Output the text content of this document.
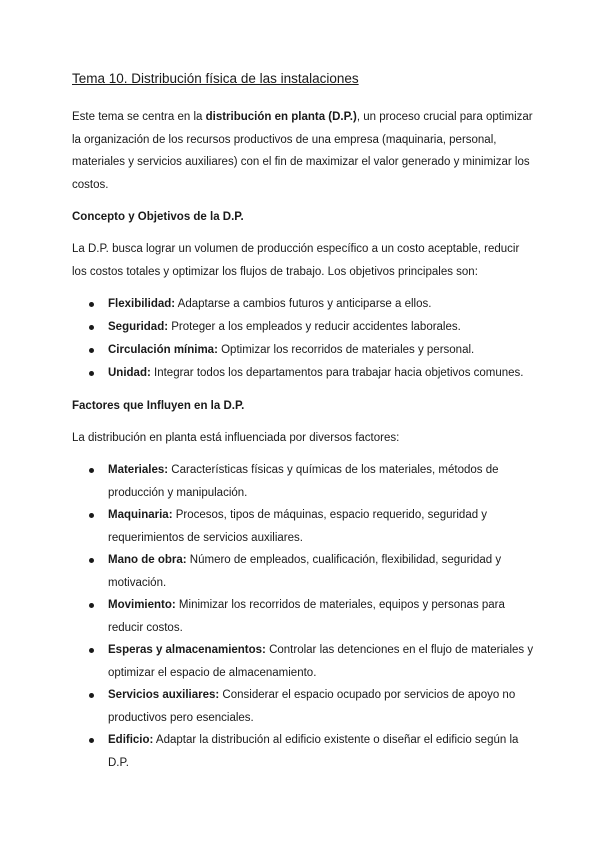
Tema 10. Distribución física de las instalaciones

Este tema se centra en la distribución en planta (D.P.), un proceso crucial para optimizar la organización de los recursos productivos de una empresa (maquinaria, personal, materiales y servicios auxiliares) con el fin de maximizar el valor generado y minimizar los costos.

Concepto y Objetivos de la D.P.

La D.P. busca lograr un volumen de producción específico a un costo aceptable, reducir los costos totales y optimizar los flujos de trabajo. Los objetivos principales son:

Flexibilidad: Adaptarse a cambios futuros y anticiparse a ellos.
Seguridad: Proteger a los empleados y reducir accidentes laborales.
Circulación mínima: Optimizar los recorridos de materiales y personal.
Unidad: Integrar todos los departamentos para trabajar hacia objetivos comunes.
Factores que Influyen en la D.P.

La distribución en planta está influenciada por diversos factores:

Materiales: Características físicas y químicas de los materiales, métodos de producción y manipulación.
Maquinaria: Procesos, tipos de máquinas, espacio requerido, seguridad y requerimientos de servicios auxiliares.
Mano de obra: Número de empleados, cualificación, flexibilidad, seguridad y motivación.
Movimiento: Minimizar los recorridos de materiales, equipos y personas para reducir costos.
Esperas y almacenamientos: Controlar las detenciones en el flujo de materiales y optimizar el espacio de almacenamiento.
Servicios auxiliares: Considerar el espacio ocupado por servicios de apoyo no productivos pero esenciales.
Edificio: Adaptar la distribución al edificio existente o diseñar el edificio según la D.P.
